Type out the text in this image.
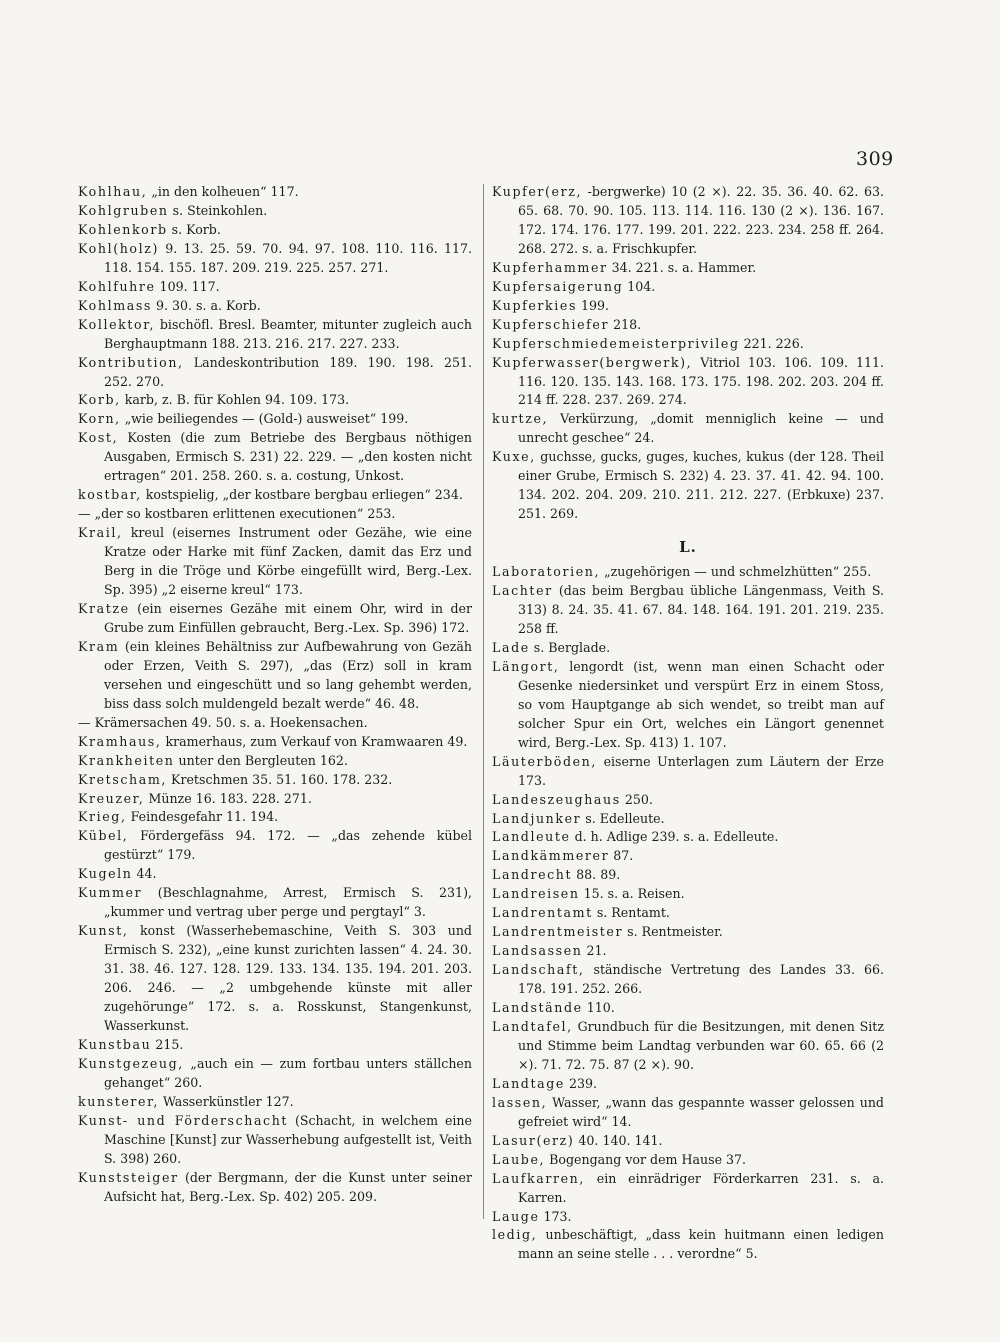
309
Kohlhau, „in den kolheuen“ 117.
Kohlgruben s. Steinkohlen.
Kohlenkorb s. Korb.
Kohl(holz) 9. 13. 25. 59. 70. 94. 97. 108. 110. 116. 117. 118. 154. 155. 187. 209. 219. 225. 257. 271.
Kohlfuhre 109. 117.
Kohlmass 9. 30. s. a. Korb.
Kollektor, bischöfl. Bresl. Beamter, mitunter zugleich auch Berghauptmann 188. 213. 216. 217. 227. 233.
Kontribution, Landeskontribution 189. 190. 198. 251. 252. 270.
Korb, karb, z. B. für Kohlen 94. 109. 173.
Korn, „wie beiliegendes — (Gold-) ausweiset“ 199.
Kost, Kosten (die zum Betriebe des Bergbaus nöthigen Ausgaben, Ermisch S. 231) 22. 229. — „den kosten nicht ertragen“ 201. 258. 260. s. a. costung, Unkost.
kostbar, kostspielig, „der kostbare bergbau erliegen“ 234.
— „der so kostbaren erlittenen executionen“ 253.
Krail, kreul (eisernes Instrument oder Gezähe, wie eine Kratze oder Harke mit fünf Zacken, damit das Erz und Berg in die Tröge und Körbe eingefüllt wird, Berg.-Lex. Sp. 395) „2 eiserne kreul“ 173.
Kratze (ein eisernes Gezähe mit einem Ohr, wird in der Grube zum Einfüllen gebraucht, Berg.-Lex. Sp. 396) 172.
Kram (ein kleines Behältniss zur Aufbewahrung von Gezäh oder Erzen, Veith S. 297), „das (Erz) soll in kram versehen und eingeschütt und so lang gehembt werden, biss dass solch muldengeld bezalt werde“ 46. 48.
— Krämersachen 49. 50. s. a. Hoekensachen.
Kramhaus, kramerhaus, zum Verkauf von Kramwaaren 49.
Krankheiten unter den Bergleuten 162.
Kretscham, Kretschmen 35. 51. 160. 178. 232.
Kreuzer, Münze 16. 183. 228. 271.
Krieg, Feindesgefahr 11. 194.
Kübel, Fördergefäss 94. 172. — „das zehende kübel gestürzt“ 179.
Kugeln 44.
Kummer (Beschlagnahme, Arrest, Ermisch S. 231), „kummer und vertrag uber perge und pergtayl“ 3.
Kunst, konst (Wasserhebemaschine, Veith S. 303 und Ermisch S. 232), „eine kunst zurichten lassen“ 4. 24. 30. 31. 38. 46. 127. 128. 129. 133. 134. 135. 194. 201. 203. 206. 246. — „2 umbgehende künste mit aller zugehörunge“ 172. s. a. Rosskunst, Stangenkunst, Wasserkunst.
Kunstbau 215.
Kunstgezeug, „auch ein — zum fortbau unters ställchen gehanget“ 260.
kunsterer, Wasserkünstler 127.
Kunst- und Förderschacht (Schacht, in welchem eine Maschine [Kunst] zur Wasserhebung aufgestellt ist, Veith S. 398) 260.
Kunststeiger (der Bergmann, der die Kunst unter seiner Aufsicht hat, Berg.-Lex. Sp. 402) 205. 209.
Kupfer(erz, -bergwerke) 10 (2 ×). 22. 35. 36. 40. 62. 63. 65. 68. 70. 90. 105. 113. 114. 116. 130 (2 ×). 136. 167. 172. 174. 176. 177. 199. 201. 222. 223. 234. 258 ff. 264. 268. 272. s. a. Frischkupfer.
Kupferhammer 34. 221. s. a. Hammer.
Kupfersaigerung 104.
Kupferkies 199.
Kupferschiefer 218.
Kupferschmiedemeisterprivileg 221. 226.
Kupferwasser(bergwerk), Vitriol 103. 106. 109. 111. 116. 120. 135. 143. 168. 173. 175. 198. 202. 203. 204 ff. 214 ff. 228. 237. 269. 274.
kurtze, Verkürzung, „domit menniglich keine — und unrecht geschee“ 24.
Kuxe, guchsse, gucks, guges, kuches, kukus (der 128. Theil einer Grube, Ermisch S. 232) 4. 23. 37. 41. 42. 94. 100. 134. 202. 204. 209. 210. 211. 212. 227. (Erbkuxe) 237. 251. 269.
L.
Laboratorien, „zugehörigen — und schmelzhütten“ 255.
Lachter (das beim Bergbau übliche Längenmass, Veith S. 313) 8. 24. 35. 41. 67. 84. 148. 164. 191. 201. 219. 235. 258 ff.
Lade s. Berglade.
Längort, lengordt (ist, wenn man einen Schacht oder Gesenke niedersinket und verspürt Erz in einem Stoss, so vom Hauptgange ab sich wendet, so treibt man auf solcher Spur ein Ort, welches ein Längort genennet wird, Berg.-Lex. Sp. 413) 1. 107.
Läuterböden, eiserne Unterlagen zum Läutern der Erze 173.
Landeszeughaus 250.
Landjunker s. Edelleute.
Landleute d. h. Adlige 239. s. a. Edelleute.
Landkämmerer 87.
Landrecht 88. 89.
Landreisen 15. s. a. Reisen.
Landrentamt s. Rentamt.
Landrentmeister s. Rentmeister.
Landsassen 21.
Landschaft, ständische Vertretung des Landes 33. 66. 178. 191. 252. 266.
Landstände 110.
Landtafel, Grundbuch für die Besitzungen, mit denen Sitz und Stimme beim Landtag verbunden war 60. 65. 66 (2 ×). 71. 72. 75. 87 (2 ×). 90.
Landtage 239.
lassen, Wasser, „wann das gespannte wasser gelossen und gefreiet wird“ 14.
Lasur(erz) 40. 140. 141.
Laube, Bogengang vor dem Hause 37.
Laufkarren, ein einrädriger Förderkarren 231. s. a. Karren.
Lauge 173.
ledig, unbeschäftigt, „dass kein huitmann einen ledigen mann an seine stelle . . . verordne“ 5.
